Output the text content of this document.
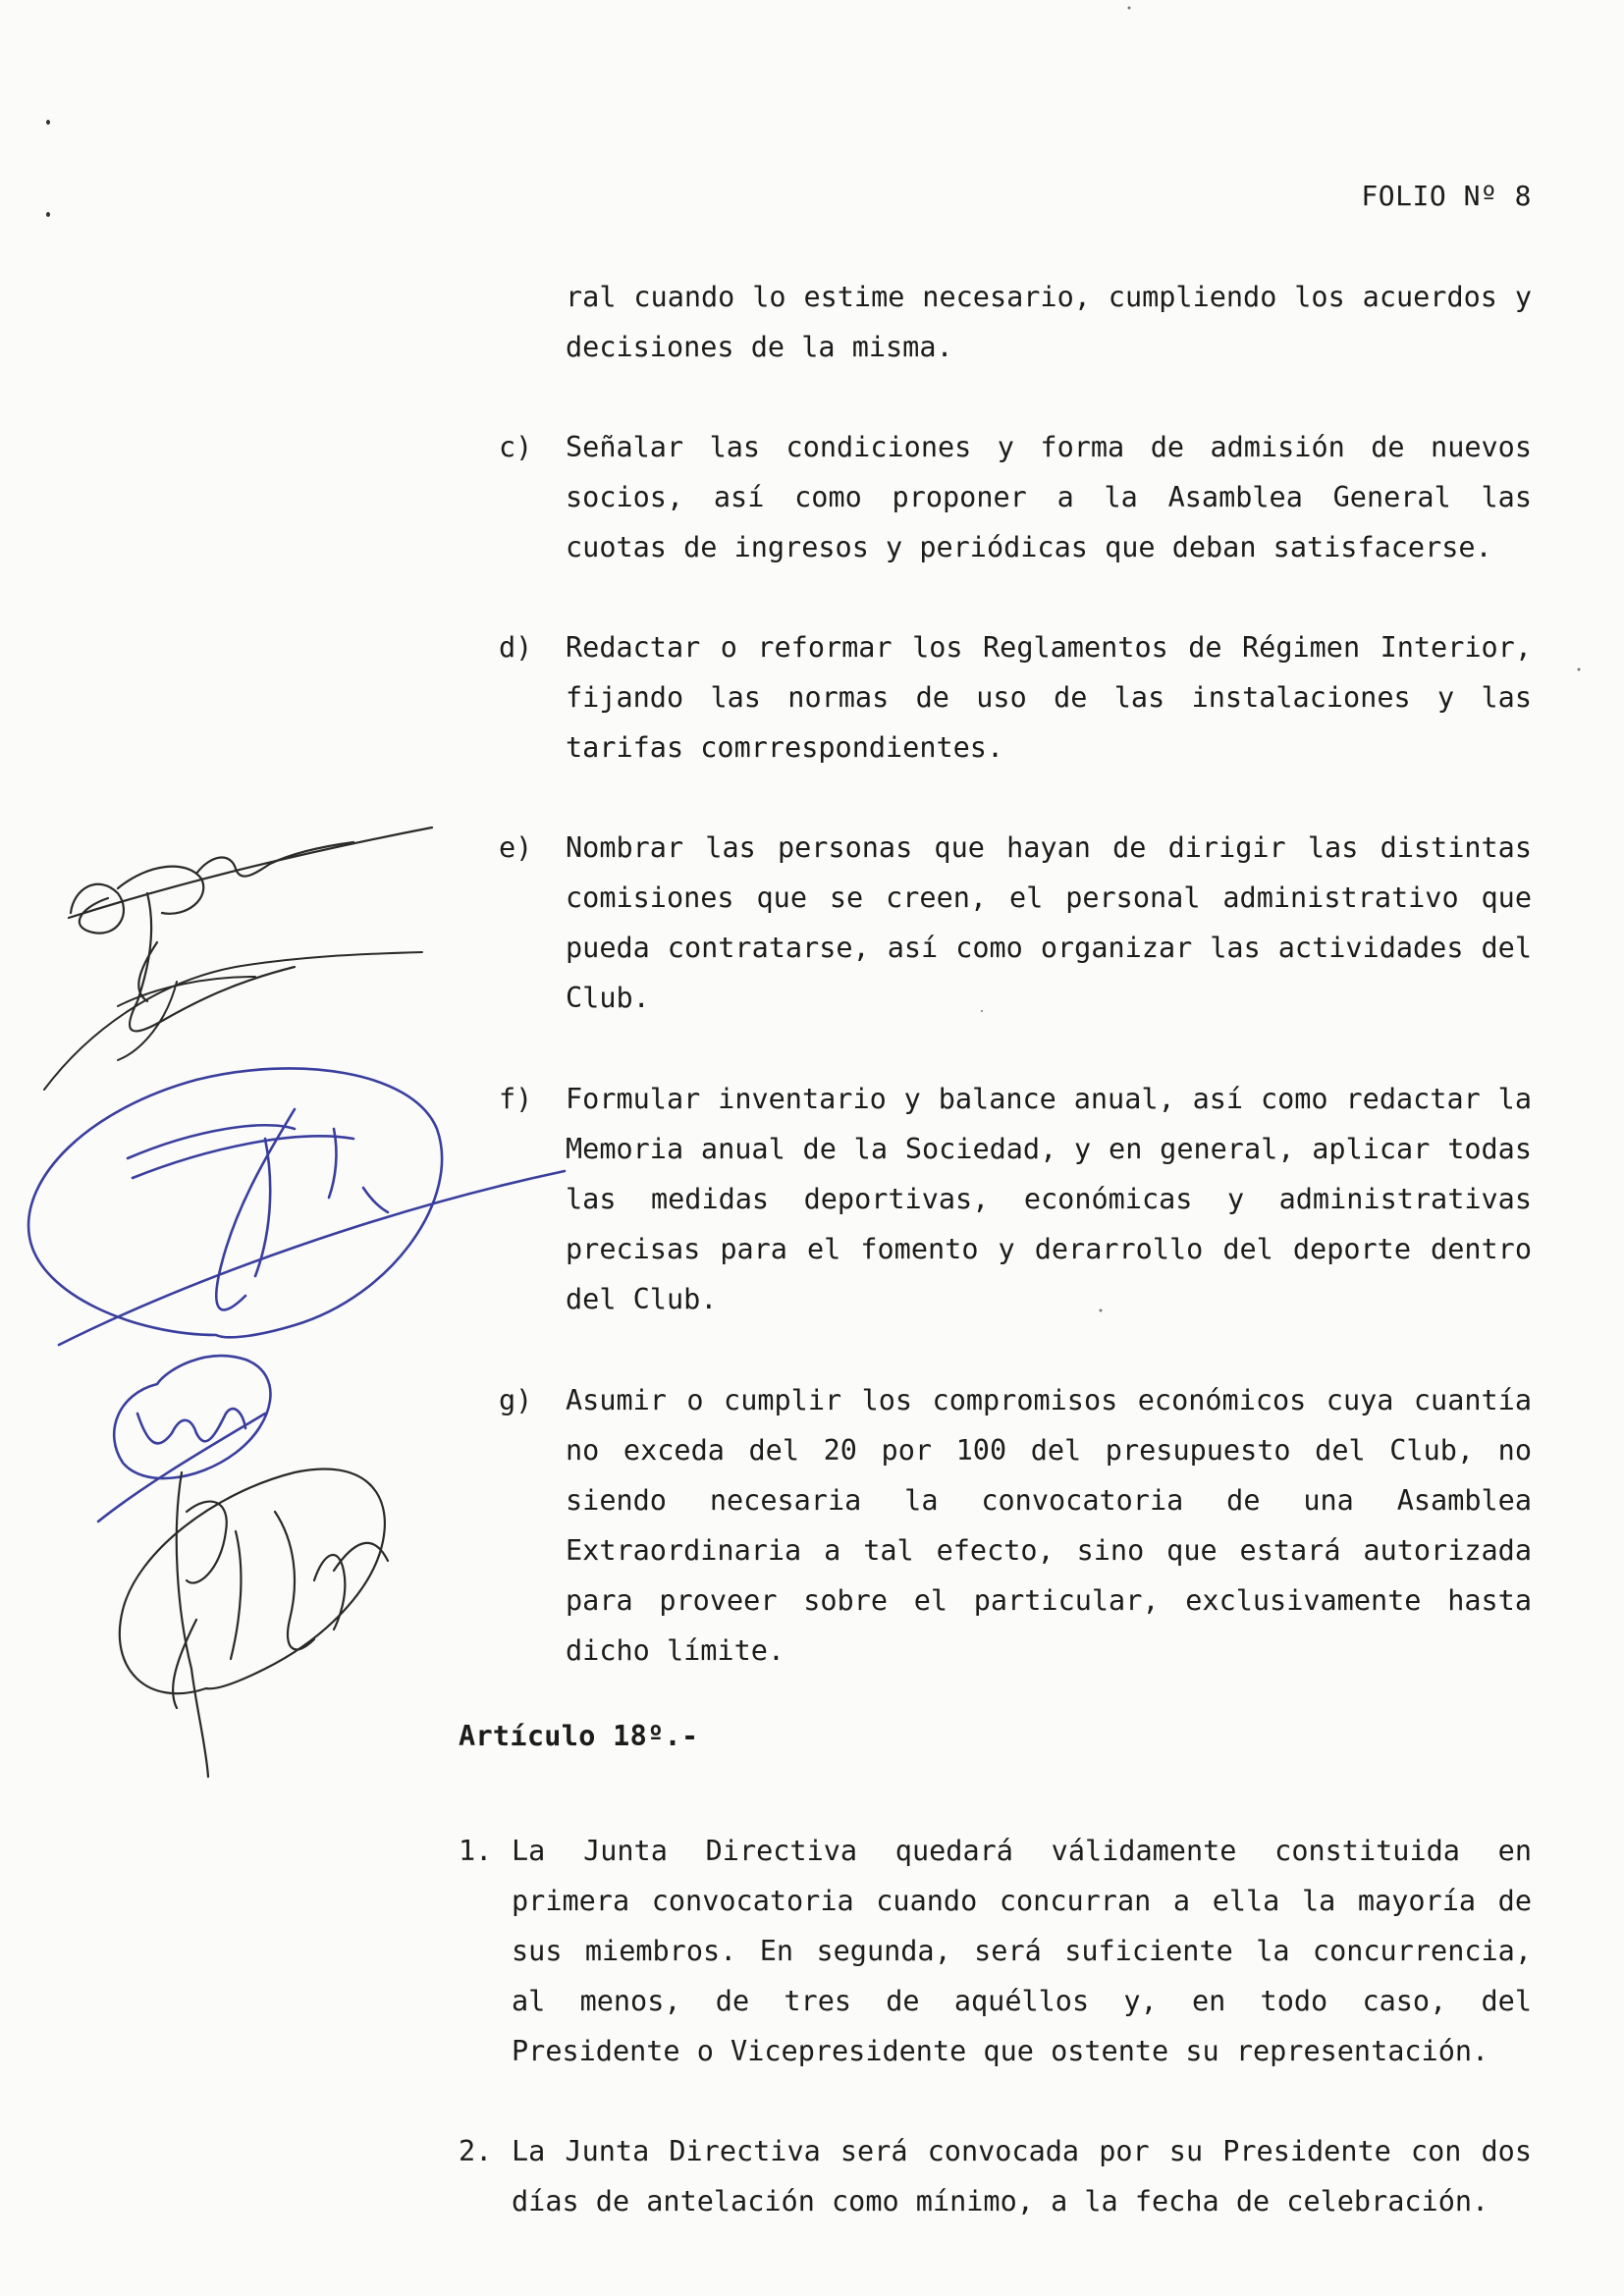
FOLIO Nº 8
ral cuando lo estime necesario, cumpliendo los acuerdos y decisiones de la misma.
c) Señalar las condiciones y forma de admisión de nuevos socios, así como proponer a la Asamblea General las cuotas de ingresos y periódicas que deban satisfacerse.
d) Redactar o reformar los Reglamentos de Régimen Interior, fijando las normas de uso de las instalaciones y las tarifas comrrespondientes.
e) Nombrar las personas que hayan de dirigir las distintas comisiones que se creen, el personal administrativo que pueda contratarse, así como organizar las actividades del Club.
f) Formular inventario y balance anual, así como redactar la Memoria anual de la Sociedad, y en general, aplicar todas las medidas deportivas, económicas y administrativas precisas para el fomento y derarrollo del deporte dentro del Club.
g) Asumir o cumplir los compromisos económicos cuya cuantía no exceda del 20 por 100 del presupuesto del Club, no siendo necesaria la convocatoria de una Asamblea Extraordinaria a tal efecto, sino que estará autorizada para proveer sobre el particular, exclusivamente hasta dicho límite.
Artículo 18º.-
1. La Junta Directiva quedará válidamente constituida en primera convocatoria cuando concurran a ella la mayoría de sus miembros. En segunda, será suficiente la concurrencia, al menos, de tres de aquéllos y, en todo caso, del Presidente o Vicepresidente que ostente su representación.
2. La Junta Directiva será convocada por su Presidente con dos días de antelación como mínimo, a la fecha de celebración.
